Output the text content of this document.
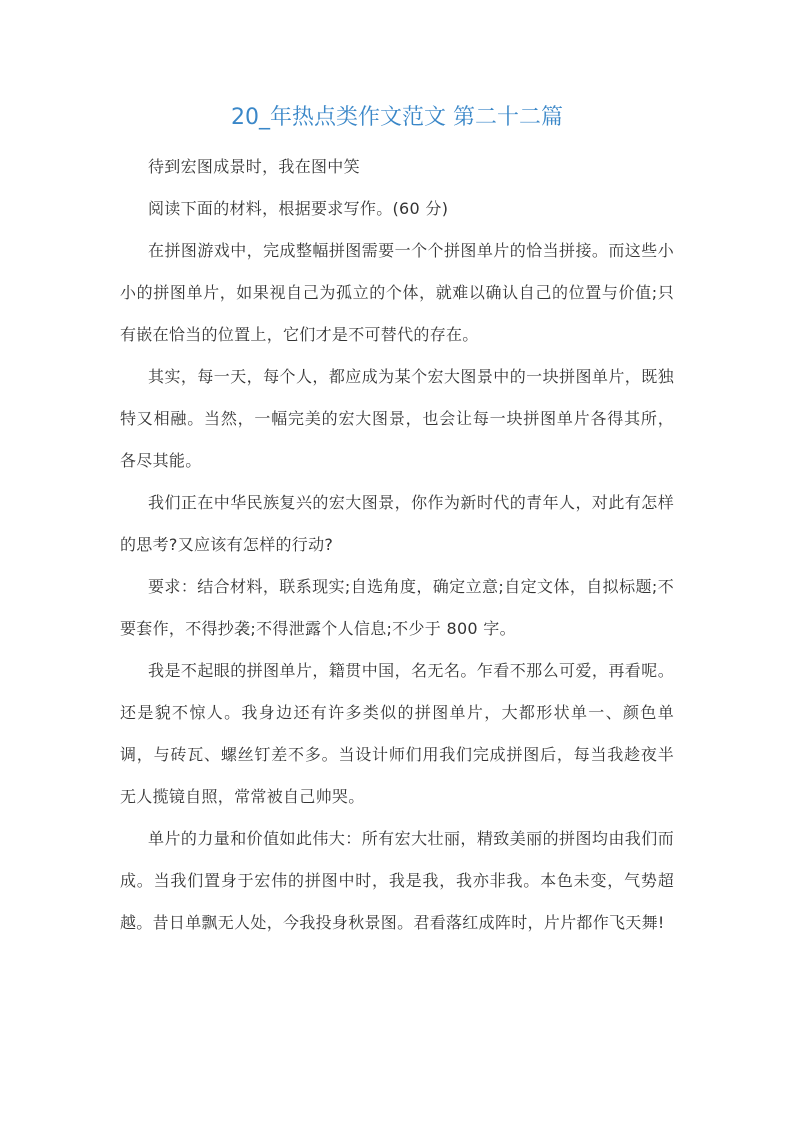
20_年热点类作文范文 第二十二篇

待到宏图成景时，我在图中笑

阅读下面的材料，根据要求写作。(60 分)

在拼图游戏中，完成整幅拼图需要一个个拼图单片的恰当拼接。而这些小小的拼图单片，如果视自己为孤立的个体，就难以确认自己的位置与价值;只有嵌在恰当的位置上，它们才是不可替代的存在。

其实，每一天，每个人，都应成为某个宏大图景中的一块拼图单片，既独特又相融。当然，一幅完美的宏大图景，也会让每一块拼图单片各得其所，各尽其能。

我们正在中华民族复兴的宏大图景，你作为新时代的青年人，对此有怎样的思考?又应该有怎样的行动?

要求：结合材料，联系现实;自选角度，确定立意;自定文体，自拟标题;不要套作，不得抄袭;不得泄露个人信息;不少于 800 字。

我是不起眼的拼图单片，籍贯中国，名无名。乍看不那么可爱，再看呢。还是貌不惊人。我身边还有许多类似的拼图单片，大都形状单一、颜色单调，与砖瓦、螺丝钉差不多。当设计师们用我们完成拼图后，每当我趁夜半无人揽镜自照，常常被自己帅哭。

单片的力量和价值如此伟大：所有宏大壮丽，精致美丽的拼图均由我们而成。当我们置身于宏伟的拼图中时，我是我，我亦非我。本色未变，气势超越。昔日单飘无人处，今我投身秋景图。君看落红成阵时，片片都作飞天舞!
